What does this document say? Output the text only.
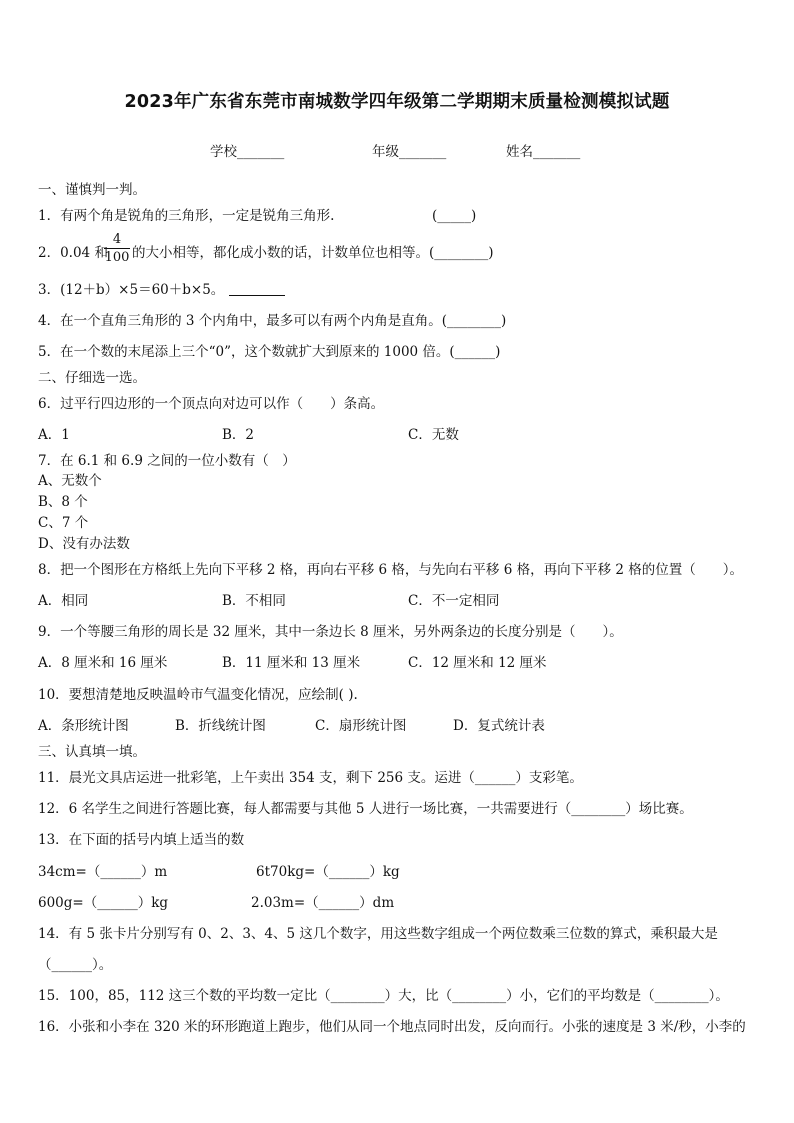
2023年广东省东莞市南城数学四年级第二学期期末质量检测模拟试题
学校_______	年级_______	姓名_______
一、谨慎判一判。
1．有两个角是锐角的三角形，一定是锐角三角形.	(_____)
2．0.04 和
4
100 的大小相等，都化成小数的话，计数单位也相等。(________)
3．(12＋b）×5＝60＋b×5。
4．在一个直角三角形的 3 个内角中，最多可以有两个内角是直角。(________)
5．在一个数的末尾添上三个“0”，这个数就扩大到原来的 1000 倍。(______)
二、仔细选一选。
6．过平行四边形的一个顶点向对边可以作（　　）条高。
A．1	B．2	C．无数
7．在 6.1 和 6.9 之间的一位小数有（　）
A、无数个
B、8 个
C、7 个
D、没有办法数
8．把一个图形在方格纸上先向下平移 2 格，再向右平移 6 格，与先向右平移 6 格，再向下平移 2 格的位置（　　）。
A．相同	B．不相同	C．不一定相同
9．一个等腰三角形的周长是 32 厘米，其中一条边长 8 厘米，另外两条边的长度分别是（　　）。
A．8 厘米和 16 厘米	B．11 厘米和 13 厘米	C．12 厘米和 12 厘米
10．要想清楚地反映温岭市气温变化情况，应绘制( ).
A．条形统计图	B．折线统计图	C．扇形统计图	D．复式统计表
三、认真填一填。
11．晨光文具店运进一批彩笔，上午卖出 354 支，剩下 256 支。运进（______）支彩笔。
12．6 名学生之间进行答题比赛，每人都需要与其他 5 人进行一场比赛，一共需要进行（________）场比赛。
13．在下面的括号内填上适当的数
34cm=（______）m	6t70kg=（______）kg
600g=（______）kg	2.03m=（______）dm
14．有 5 张卡片分别写有 0、2、3、4、5 这几个数字，用这些数字组成一个两位数乘三位数的算式，乘积最大是
（______）。
15．100，85，112 这三个数的平均数一定比（________）大，比（________）小，它们的平均数是（________）。
16．小张和小李在 320 米的环形跑道上跑步，他们从同一个地点同时出发，反向而行。小张的速度是 3 米/秒，小李的
